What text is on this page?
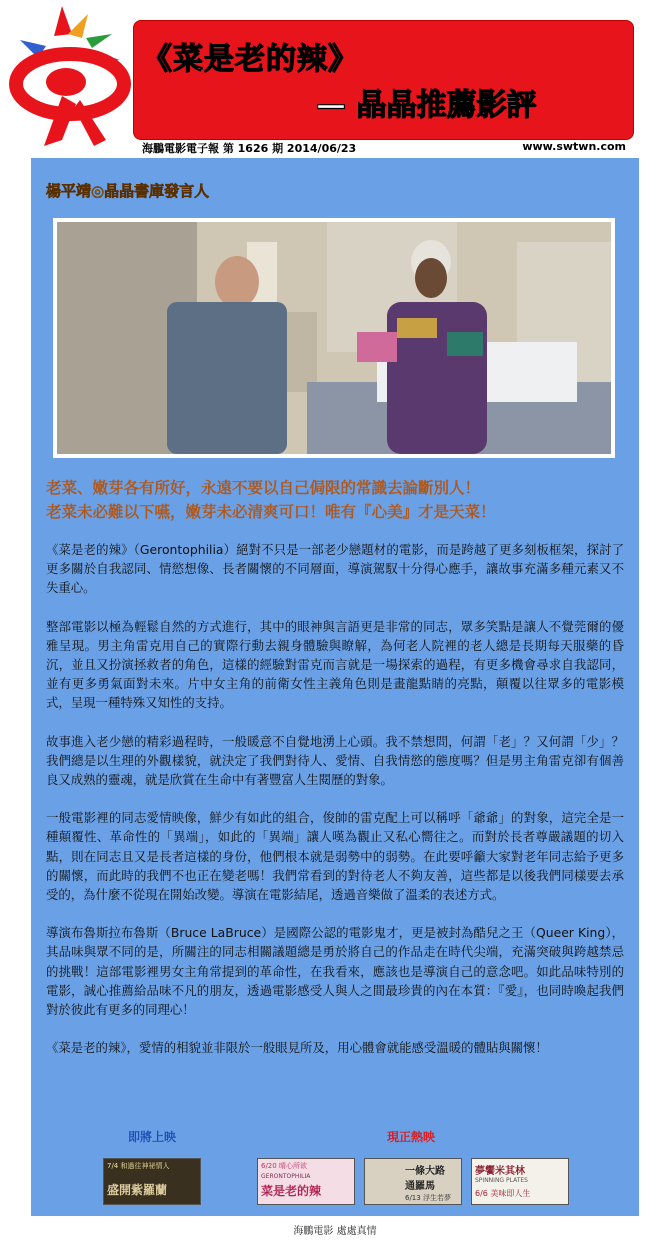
《菜是老的辣》
— 晶晶推薦影評
海鵬電影電子報 第 1626 期 2014/06/23	www.swtwn.com
楊平靖◎晶晶書庫發言人
老菜、嫩芽各有所好，永遠不要以自己侷限的常識去論斷別人！
老菜未必難以下嚥，嫩芽未必清爽可口！唯有『心美』才是天菜！

《菜是老的辣》（Gerontophilia）絕對不只是一部老少戀題材的電影，而是跨越了更多刻板框架，探討了更多關於自我認同、情慾想像、長者關懷的不同層面，導演駕馭十分得心應手，讓故事充滿多種元素又不失重心。

整部電影以極為輕鬆自然的方式進行，其中的眼神與言語更是非常的同志，眾多笑點是讓人不覺莞爾的優雅呈現。男主角雷克用自己的實際行動去親身體驗與瞭解，為何老人院裡的老人總是長期每天服藥的昏沉，並且又扮演拯救者的角色，這樣的經驗對雷克而言就是一場探索的過程，有更多機會尋求自我認同，並有更多勇氣面對未來。片中女主角的前衛女性主義角色則是畫龍點睛的亮點，顛覆以往眾多的電影模式，呈現一種特殊又知性的支持。

故事進入老少戀的精彩過程時，一般暖意不自覺地湧上心頭。我不禁想問，何謂「老」？又何謂「少」？我們總是以生理的外觀樣貌，就決定了我們對待人、愛情、自我情慾的態度嗎？但是男主角雷克卻有個善良又成熟的靈魂，就是欣賞在生命中有著豐富人生閱歷的對象。

一般電影裡的同志愛情映像，鮮少有如此的組合，俊帥的雷克配上可以稱呼「爺爺」的對象，這完全是一種顛覆性、革命性的「異端」，如此的「異端」讓人嘆為觀止又私心嚮往之。而對於長者尊嚴議題的切入點，則在同志且又是長者這樣的身份，他們根本就是弱勢中的弱勢。在此要呼籲大家對老年同志給予更多的關懷，而此時的我們不也正在變老嗎！我們常看到的對待老人不夠友善，這些都是以後我們同樣要去承受的，為什麼不從現在開始改變。導演在電影結尾，透過音樂做了溫柔的表述方式。

導演布魯斯拉布魯斯（Bruce LaBruce）是國際公認的電影鬼才，更是被封為酷兒之王（Queer King），其品味與眾不同的是，所關注的同志相關議題總是勇於將自己的作品走在時代尖端，充滿突破與跨越禁忌的挑戰！這部電影裡男女主角常提到的革命性，在我看來，應該也是導演自己的意念吧。如此品味特別的電影，誠心推薦給品味不凡的朋友，透過電影感受人與人之間最珍貴的內在本質：『愛』，也同時喚起我們對於彼此有更多的同理心！

《菜是老的辣》，愛情的相貌並非限於一般眼見所及，用心體會就能感受溫暖的體貼與關懷！

即將上映	現正熱映
7/4 和過往神祕情人
盛開紫羅蘭
6/20 晴心所欲
GERONTOPHILIA
菜是老的辣
一條大路
通羅馬
6/13 浮生若夢
夢饗米其林
SPINNING PLATES
6/6 美味即人生
海鵬電影 處處真情
